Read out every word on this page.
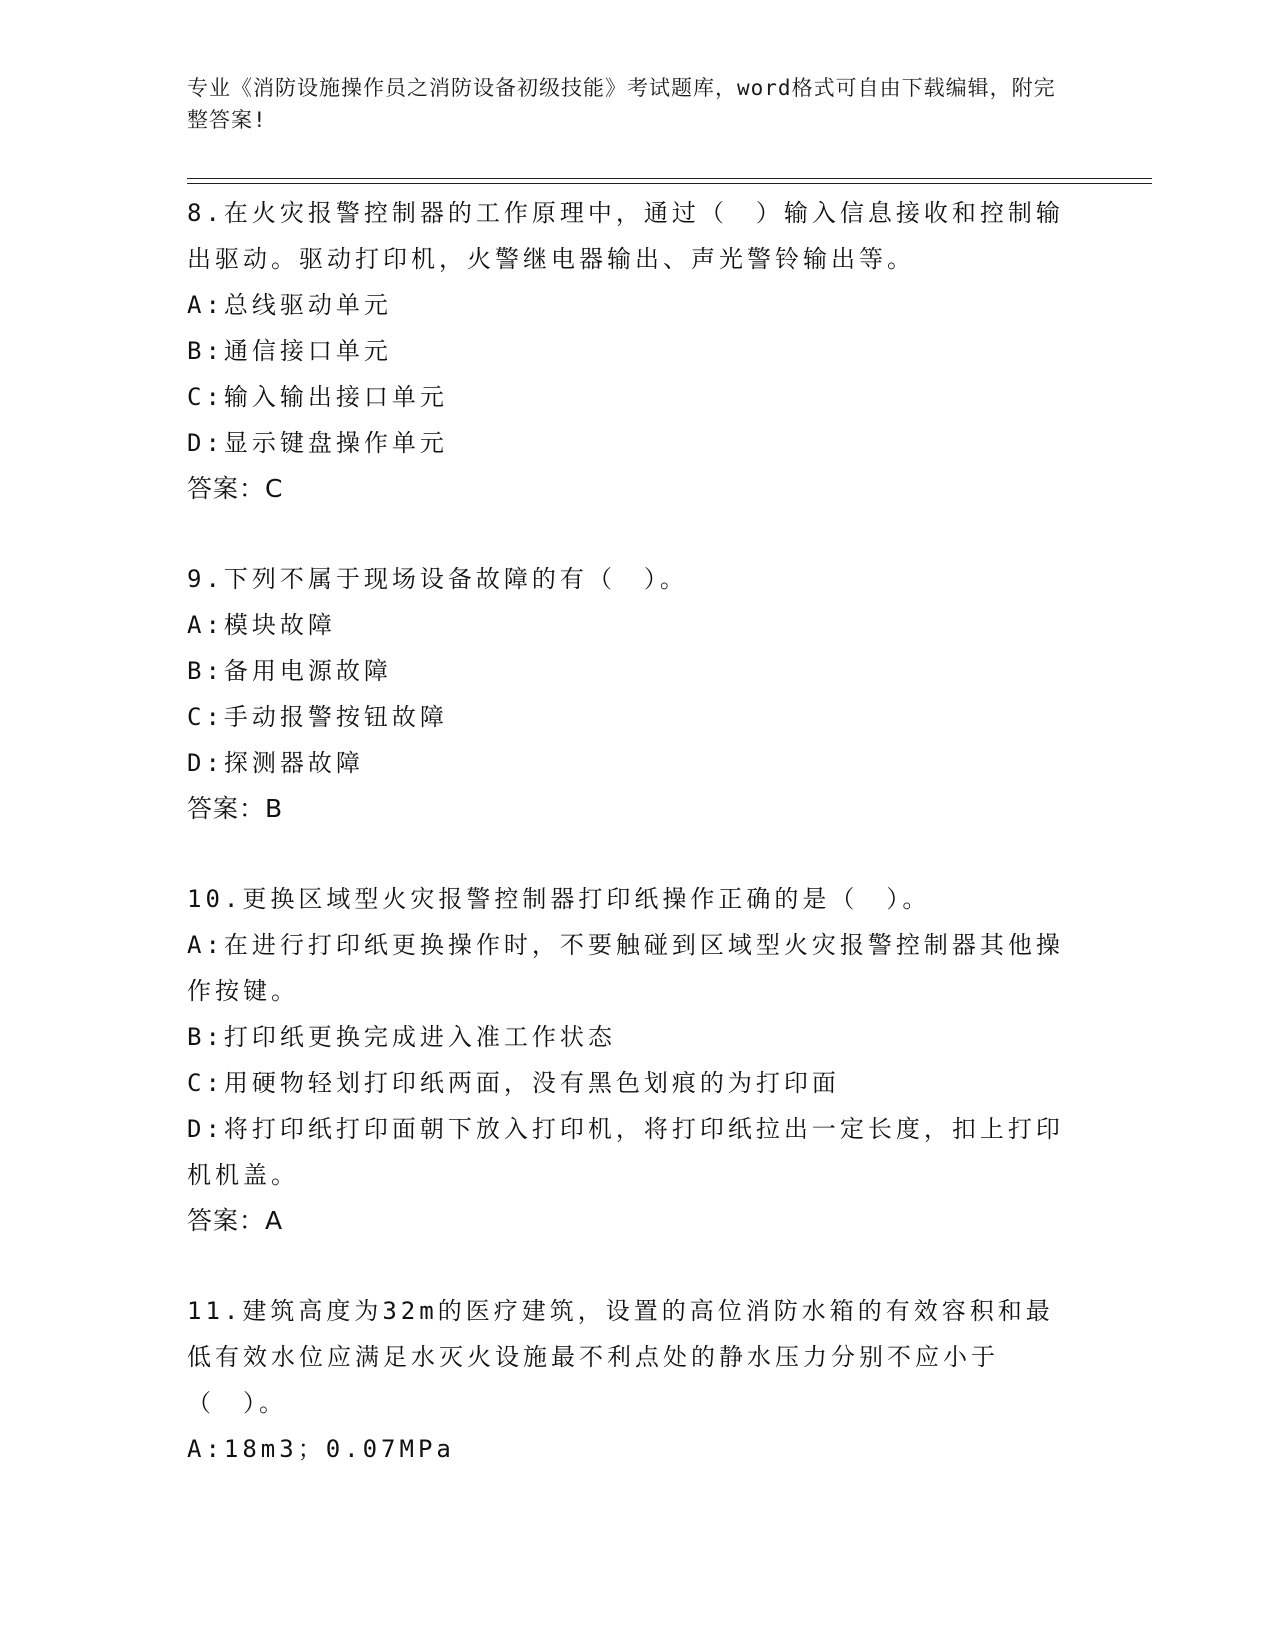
专业《消防设施操作员之消防设备初级技能》考试题库，word格式可自由下载编辑，附完整答案!
8.在火灾报警控制器的工作原理中，通过（　）输入信息接收和控制输出驱动。驱动打印机，火警继电器输出、声光警铃输出等。
A:总线驱动单元
B:通信接口单元
C:输入输出接口单元
D:显示键盘操作单元
答案：C
9.下列不属于现场设备故障的有（　）。
A:模块故障
B:备用电源故障
C:手动报警按钮故障
D:探测器故障
答案：B
10.更换区域型火灾报警控制器打印纸操作正确的是（　）。
A:在进行打印纸更换操作时，不要触碰到区域型火灾报警控制器其他操作按键。
B:打印纸更换完成进入准工作状态
C:用硬物轻划打印纸两面，没有黑色划痕的为打印面
D:将打印纸打印面朝下放入打印机，将打印纸拉出一定长度，扣上打印机机盖。
答案：A
11.建筑高度为32m的医疗建筑，设置的高位消防水箱的有效容积和最低有效水位应满足水灭火设施最不利点处的静水压力分别不应小于（　）。
A:18m3；0.07MPa
